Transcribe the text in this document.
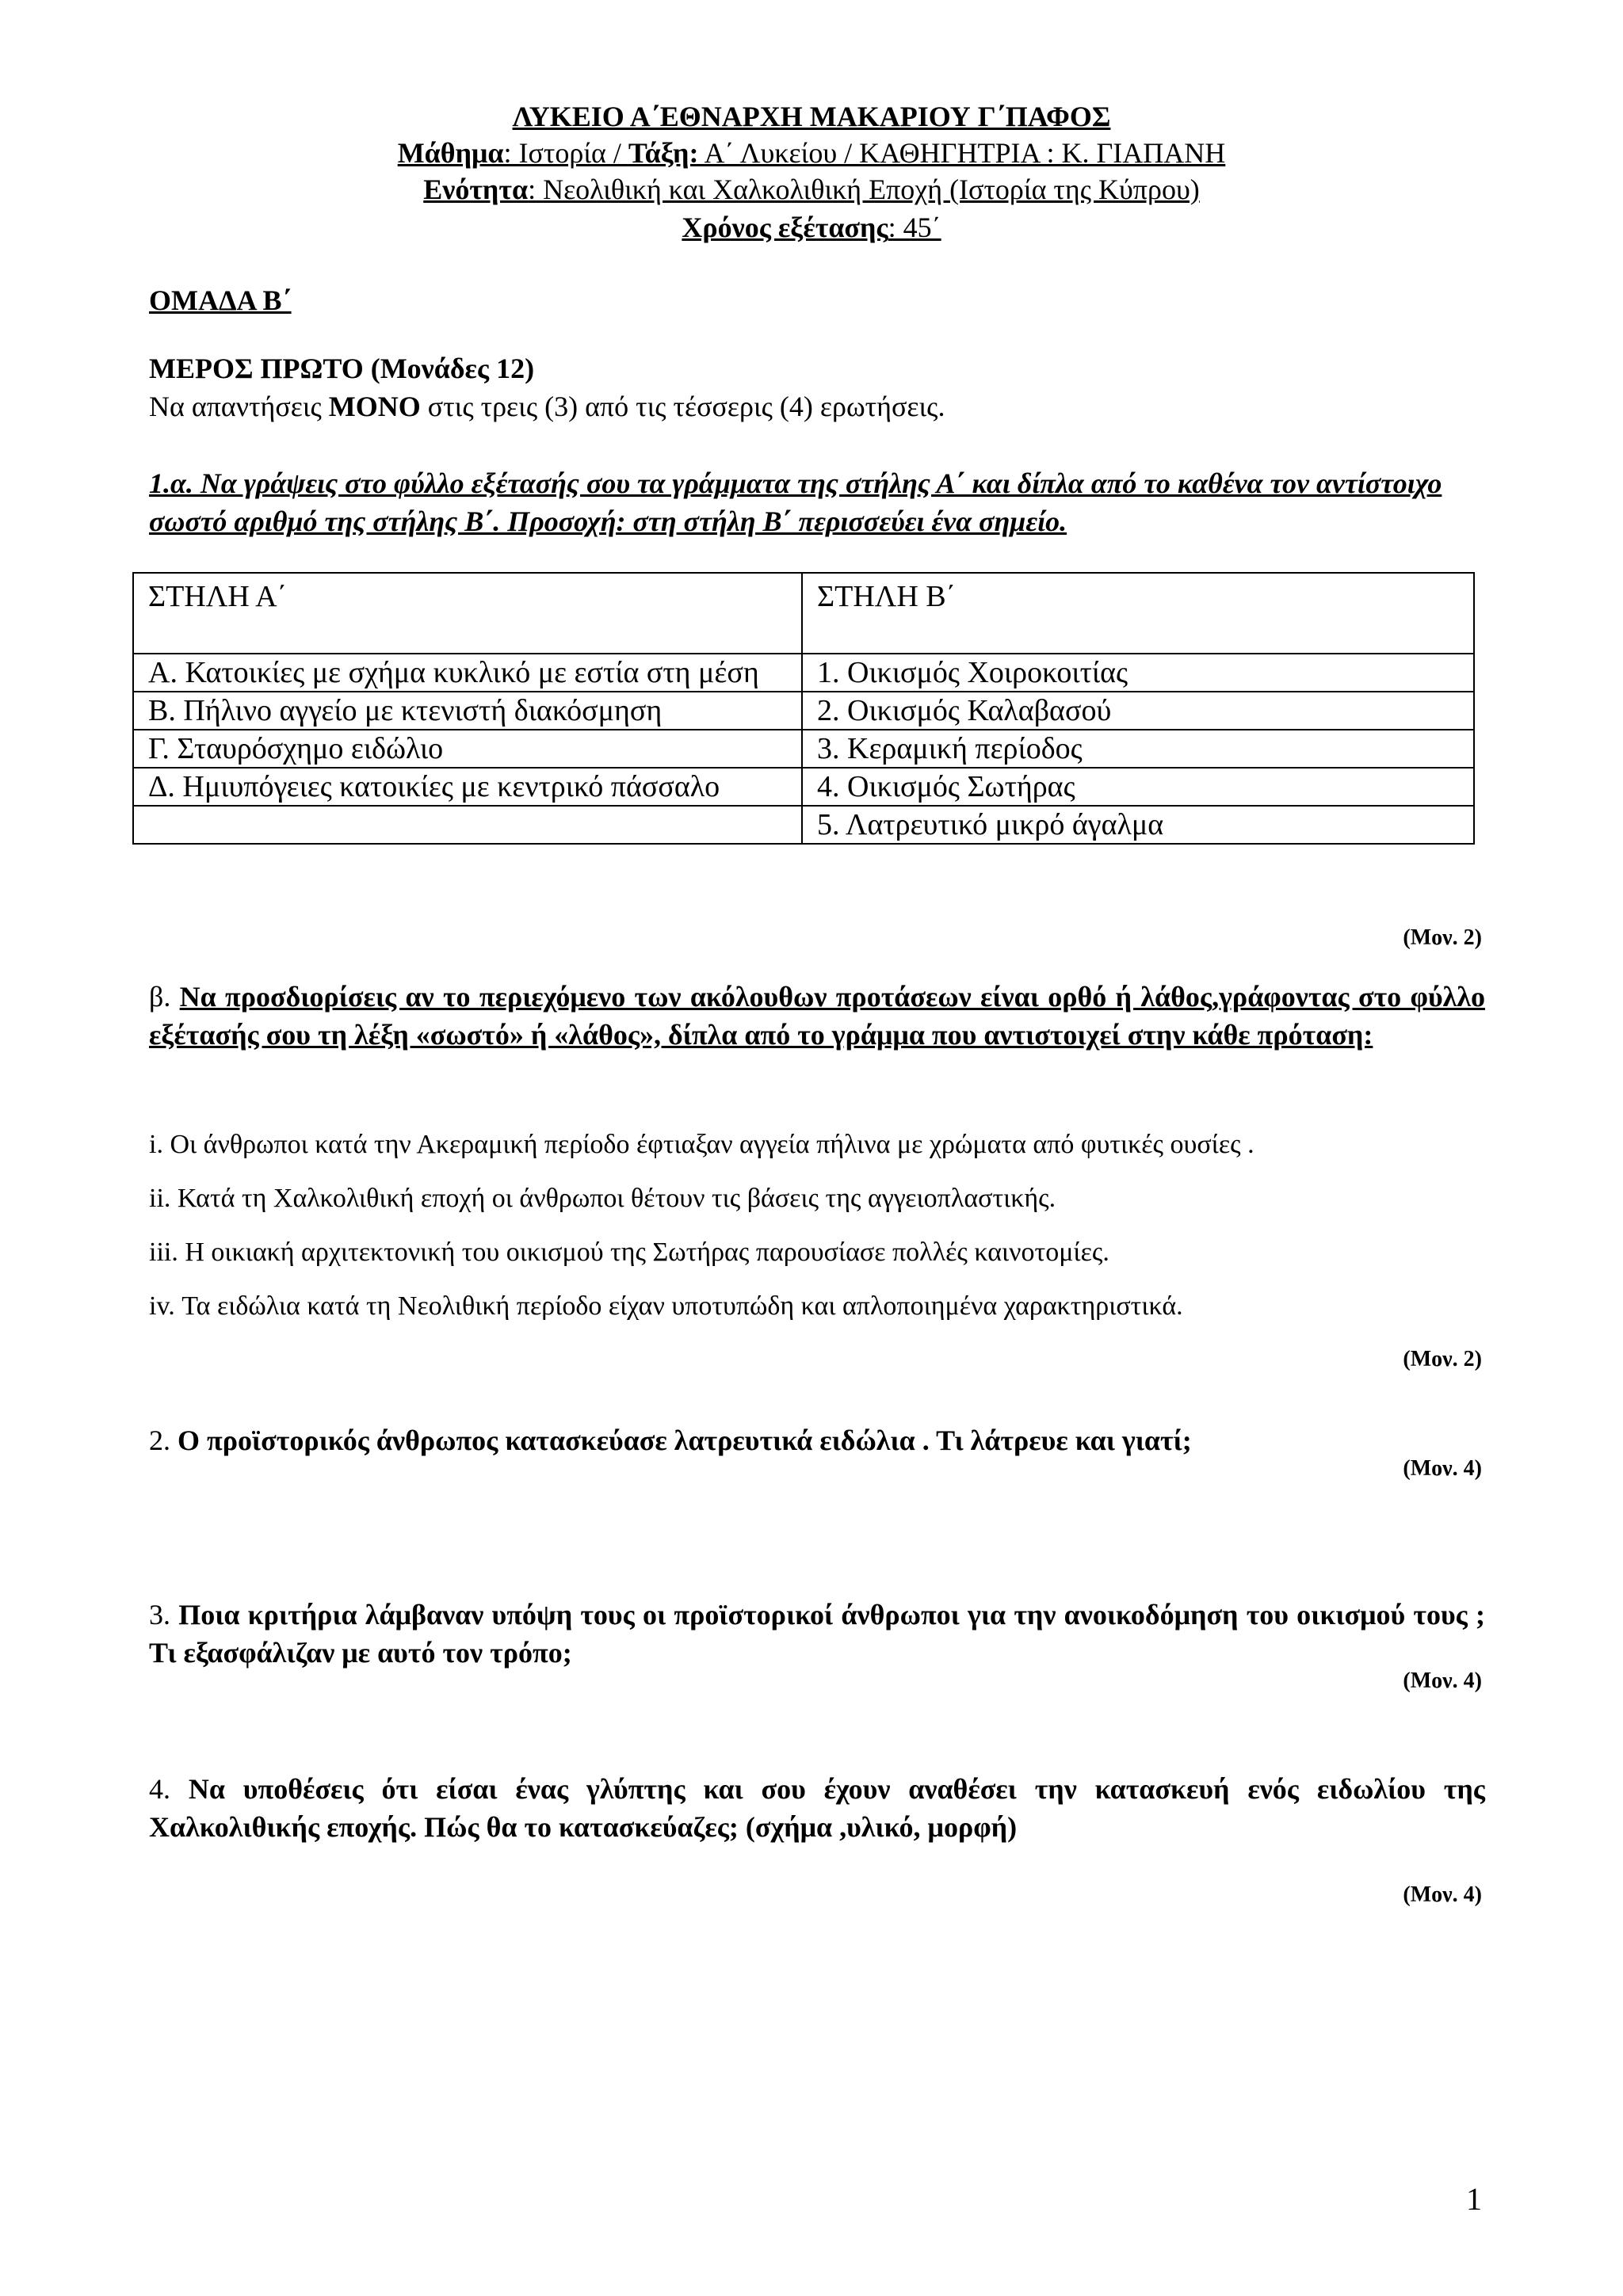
ΛΥΚΕΙΟ Α΄ΕΘΝΑΡΧΗ ΜΑΚΑΡΙΟΥ Γ΄ΠΑΦΟΣ
Μάθημα: Ιστορία / Τάξη: Α΄ Λυκείου / ΚΑΘΗΓΗΤΡΙΑ : Κ. ΓΙΑΠΑΝΗ
Ενότητα: Νεολιθική και Χαλκολιθική Εποχή (Ιστορία της Κύπρου)
Χρόνος εξέτασης: 45΄
ΟΜΑΔΑ Β΄
ΜΕΡΟΣ ΠΡΩΤΟ (Μονάδες 12)
Να απαντήσεις ΜΟΝΟ στις τρεις (3) από τις τέσσερις (4) ερωτήσεις.
1.α. Να γράψεις στο φύλλο εξέτασής σου τα γράμματα της στήλης Α΄ και δίπλα από το καθένα τον αντίστοιχο σωστό αριθμό της στήλης Β΄. Προσοχή: στη στήλη Β΄ περισσεύει ένα σημείο.
ΣΤΗΛΗ Α΄	ΣΤΗΛΗ Β΄
Α. Κατοικίες με σχήμα κυκλικό με εστία στη μέση	1. Οικισμός Χοιροκοιτίας
Β. Πήλινο αγγείο με κτενιστή διακόσμηση	2. Οικισμός Καλαβασού
Γ. Σταυρόσχημο ειδώλιο	3. Κεραμική περίοδος
Δ. Ημιυπόγειες κατοικίες με κεντρικό πάσσαλο	4. Οικισμός Σωτήρας
	5. Λατρευτικό μικρό άγαλμα
(Μον. 2)
β. Να προσδιορίσεις αν το περιεχόμενο των ακόλουθων προτάσεων είναι ορθό ή λάθος,γράφοντας στο φύλλο εξέτασής σου τη λέξη «σωστό» ή «λάθος», δίπλα από το γράμμα που αντιστοιχεί στην κάθε πρόταση:
i. Οι άνθρωποι κατά την Ακεραμική περίοδο έφτιαξαν αγγεία πήλινα με χρώματα από φυτικές ουσίες .
ii. Κατά τη Χαλκολιθική εποχή οι άνθρωποι θέτουν τις βάσεις της αγγειοπλαστικής.
iii. Η οικιακή αρχιτεκτονική του οικισμού της Σωτήρας παρουσίασε πολλές καινοτομίες.
iv. Τα ειδώλια κατά τη Νεολιθική περίοδο είχαν υποτυπώδη και απλοποιημένα χαρακτηριστικά.
(Μον. 2)
2. Ο προϊστορικός άνθρωπος κατασκεύασε λατρευτικά ειδώλια . Τι λάτρευε και γιατί;
(Μον. 4)
3. Ποια κριτήρια λάμβαναν υπόψη τους οι προϊστορικοί άνθρωποι για την ανοικοδόμηση του οικισμού τους ; Τι εξασφάλιζαν με αυτό τον τρόπο;
(Μον. 4)
4. Να υποθέσεις ότι είσαι ένας γλύπτης και σου έχουν αναθέσει την κατασκευή ενός ειδωλίου της Χαλκολιθικής εποχής. Πώς θα το κατασκεύαζες; (σχήμα ,υλικό, μορφή)
(Μον. 4)
1
